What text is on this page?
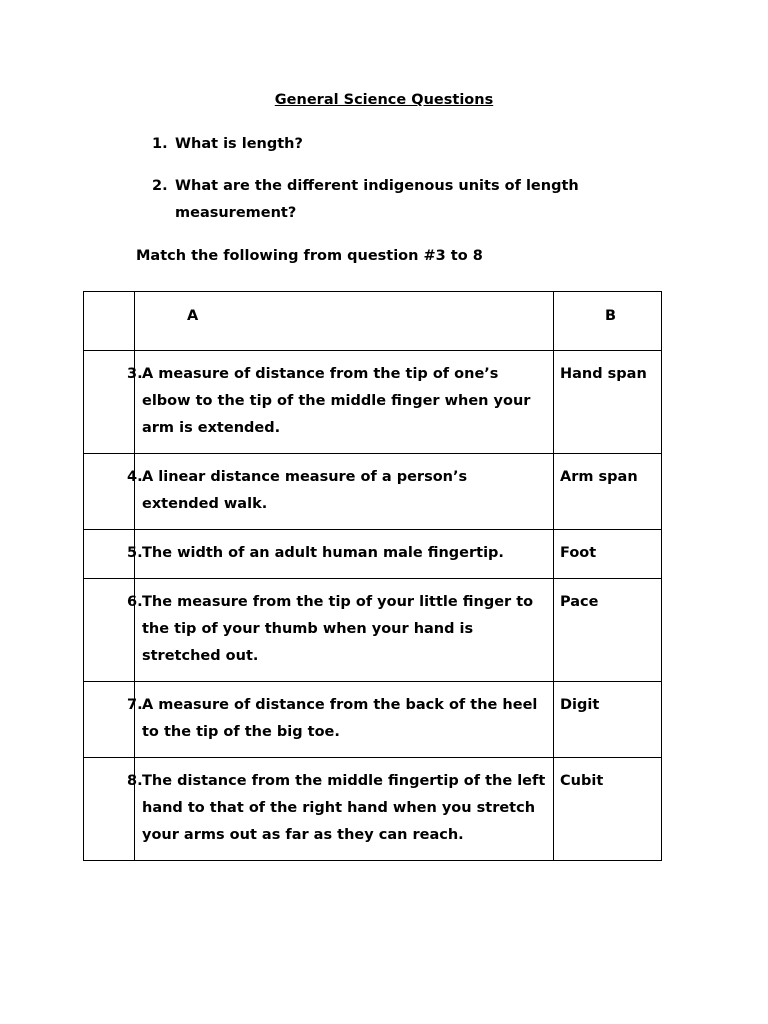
General Science Questions
1. What is length?
2. What are the different indigenous units of length measurement?
Match the following from question #3 to 8

	A	B

	3. A measure of distance from the tip of one’s elbow to the tip of the middle finger when your arm is extended.	Hand span

	4. A linear distance measure of a person’s extended walk.	Arm span

	5. The width of an adult human male fingertip.	Foot

	6. The measure from the tip of your little finger to the tip of your thumb when your hand is stretched out.	Pace

	7. A measure of distance from the back of the heel to the tip of the big toe.	Digit

	8. The distance from the middle fingertip of the left hand to that of the right hand when you stretch your arms out as far as they can reach.	Cubit
